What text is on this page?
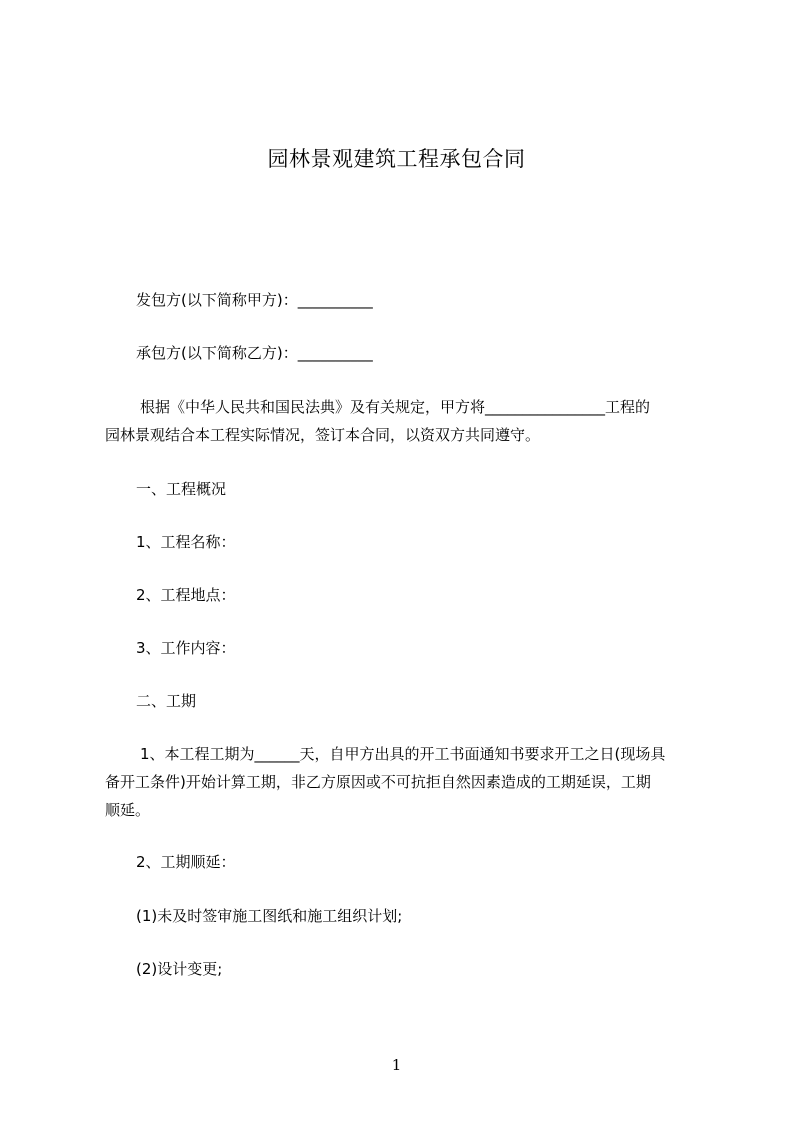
园林景观建筑工程承包合同
发包方(以下简称甲方)：__________
承包方(以下简称乙方)：__________
根据《中华人民共和国民法典》及有关规定，甲方将________________工程的
园林景观结合本工程实际情况，签订本合同，以资双方共同遵守。
一、工程概况
1、工程名称：
2、工程地点：
3、工作内容：
二、工期
1、本工程工期为______天，自甲方出具的开工书面通知书要求开工之日(现场具
备开工条件)开始计算工期，非乙方原因或不可抗拒自然因素造成的工期延误，工期
顺延。
2、工期顺延：
(1)未及时签审施工图纸和施工组织计划;
(2)设计变更;
1
